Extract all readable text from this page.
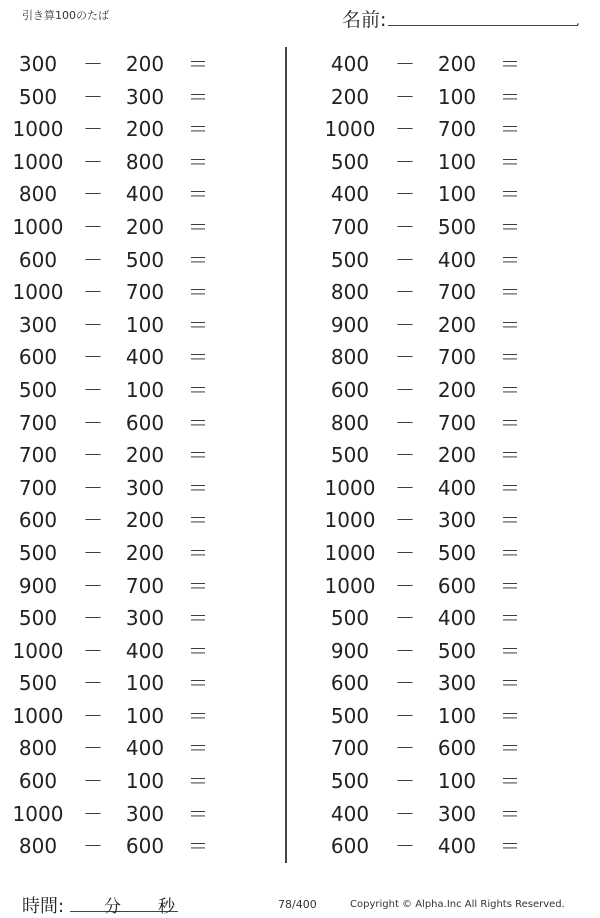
引き算100のたば	名前:	.
300	－	200	＝
500	－	300	＝
1000 －	200	＝
1000 －	800	＝
800	－	400	＝
1000 －	200	＝
600	－	500	＝
1000 －	700	＝
300	－	100	＝
600	－	400	＝
500	－	100	＝
700	－	600	＝
700	－	200	＝
700	－	300	＝
600	－	200	＝
500	－	200	＝
900	－	700	＝
500	－	300	＝
1000 －	400	＝
500	－	100	＝
1000 －	100	＝
800	－	400	＝
600	－	100	＝
1000 －	300	＝
800	－	600	＝
400	－	200	＝
200	－	100	＝
1000 －	700	＝
500	－	100	＝
400	－	100	＝
700	－	500	＝
500	－	400	＝
800	－	700	＝
900	－	200	＝
800	－	700	＝
600	－	200	＝
800	－	700	＝
500	－	200	＝
1000 －	400	＝
1000 －	300	＝
1000 －	500	＝
1000 －	600	＝
500	－	400	＝
900	－	500	＝
600	－	300	＝
500	－	100	＝
700	－	600	＝
500	－	100	＝
400	－	300	＝
600	－	400	＝
時間: 分 秒	78/400	Copyright © Alpha.Inc All Rights Reserved.
